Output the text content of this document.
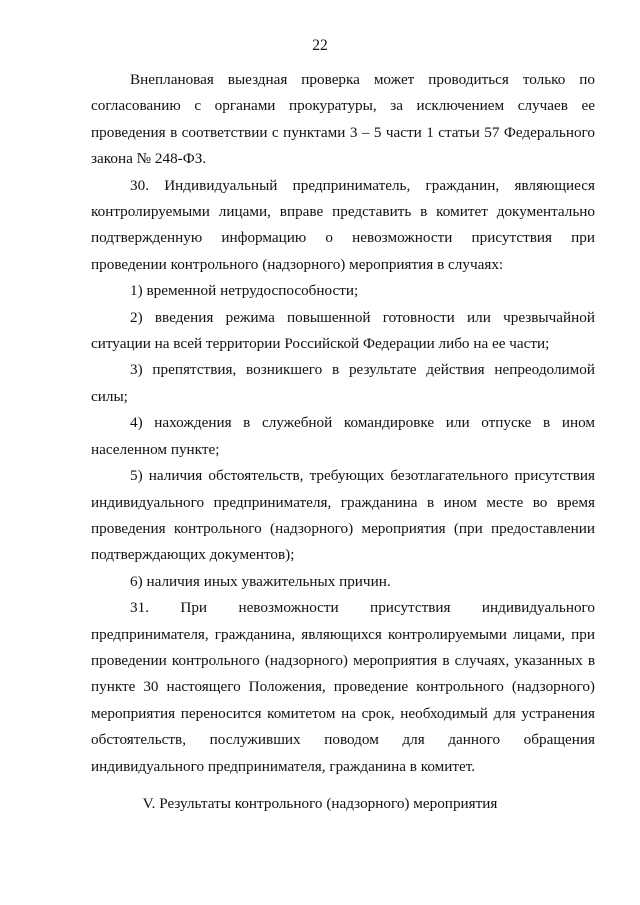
22

Внеплановая выездная проверка может проводиться только по согласованию с органами прокуратуры, за исключением случаев ее проведения в соответствии с пунктами 3 – 5 части 1 статьи 57 Федерального закона № 248-ФЗ.

30. Индивидуальный предприниматель, гражданин, являющиеся контролируемыми лицами, вправе представить в комитет документально подтвержденную информацию о невозможности присутствия при проведении контрольного (надзорного) мероприятия в случаях:

1) временной нетрудоспособности;

2) введения режима повышенной готовности или чрезвычайной ситуации на всей территории Российской Федерации либо на ее части;

3) препятствия, возникшего в результате действия непреодолимой силы;

4) нахождения в служебной командировке или отпуске в ином населенном пункте;

5) наличия обстоятельств, требующих безотлагательного присутствия индивидуального предпринимателя, гражданина в ином месте во время проведения контрольного (надзорного) мероприятия (при предоставлении подтверждающих документов);

6) наличия иных уважительных причин.

31. При невозможности присутствия индивидуального предпринимателя, гражданина, являющихся контролируемыми лицами, при проведении контрольного (надзорного) мероприятия в случаях, указанных в пункте 30 настоящего Положения, проведение контрольного (надзорного) мероприятия переносится комитетом на срок, необходимый для устранения обстоятельств, послуживших поводом для данного обращения индивидуального предпринимателя, гражданина в комитет.

V. Результаты контрольного (надзорного) мероприятия
